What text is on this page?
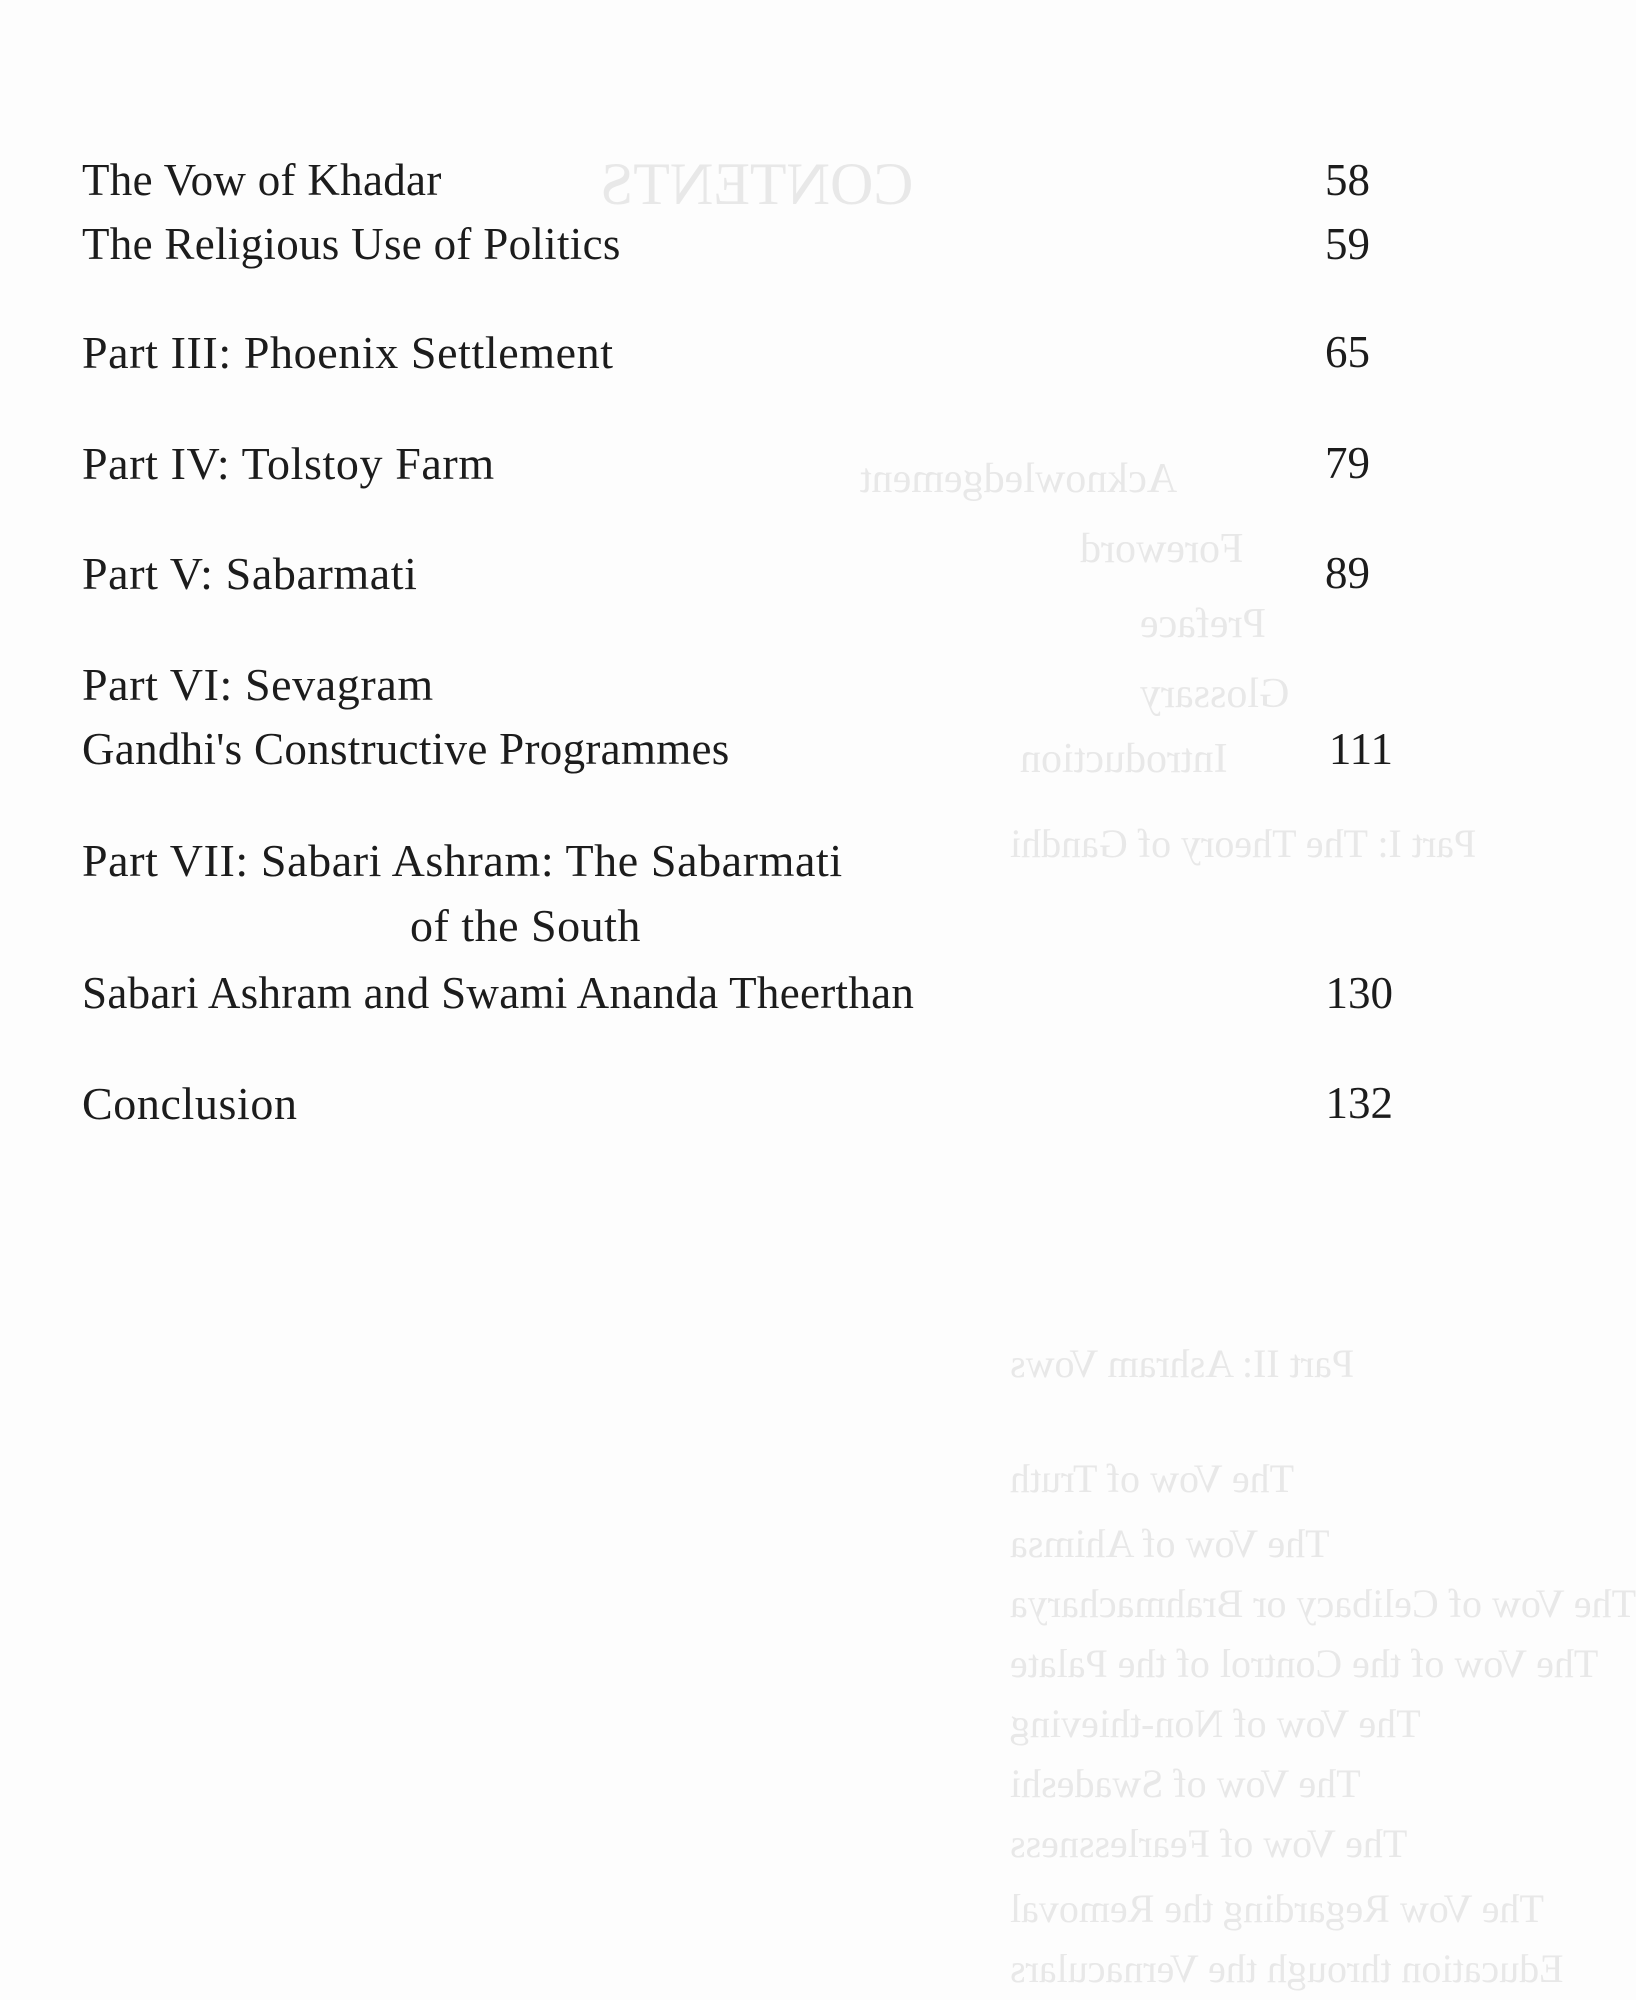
CONTENTS
Acknowledgement
Foreword
Preface
Glossary
Introduction
Part I: The Theory of Gandhi
Part II: Ashram Vows
The Vow of Truth
The Vow of Ahimsa
The Vow of Celibacy or Brahmacharya
The Vow of the Control of the Palate
The Vow of Non-thieving
The Vow of Swadeshi
The Vow of Fearlessness
The Vow Regarding the Removal
Education through the Vernaculars
The Vow of Khadar	58
The Religious Use of Politics	59
Part III: Phoenix Settlement	65
Part IV: Tolstoy Farm	79
Part V: Sabarmati	89
Part VI: Sevagram
Gandhi's Constructive Programmes	111
Part VII: Sabari Ashram: The Sabarmati
of the South
Sabari Ashram and Swami Ananda Theerthan	130
Conclusion	132
